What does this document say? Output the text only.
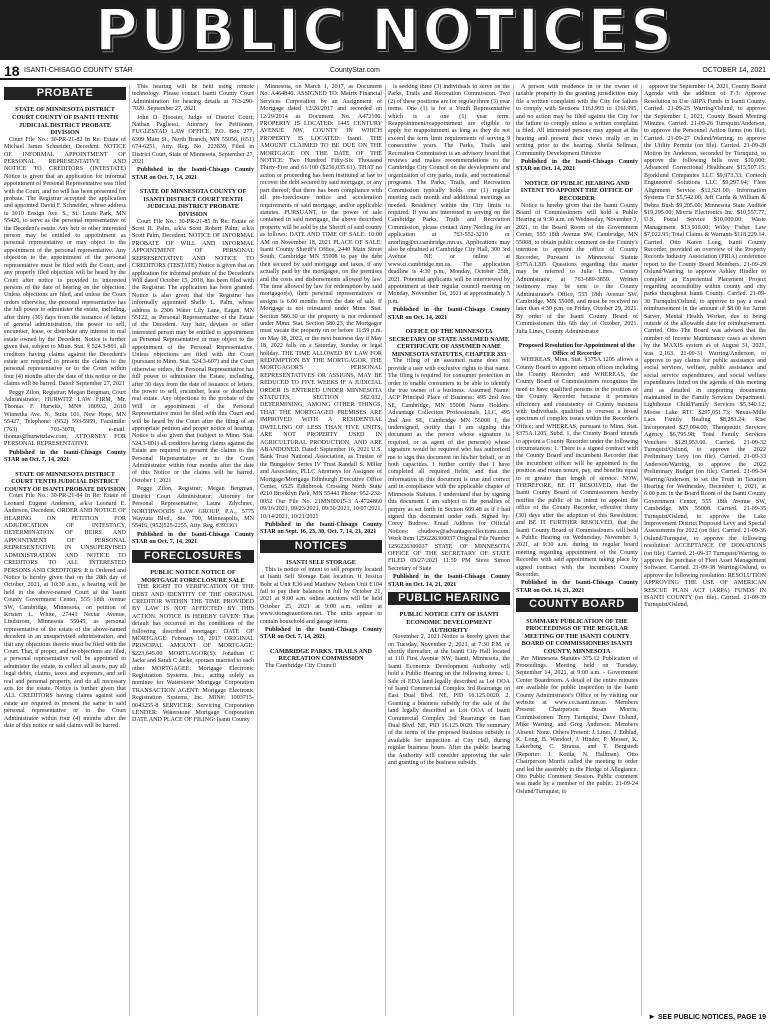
PUBLIC NOTICES
18 ISANTI-CHISAGO COUNTY STAR	CountyStar.com	OCTOBER 14, 2021
PROBATE
STATE OF MINNESOTA DISTRICT COURT COUNTY OF ISANTI TENTH JUDICIAL DISTRICT PROBATE DIVISION

Court File No.: 30-PR-21-82 In Re: Estate of Michael James Schneider, Decedent. NOTICE OF INFORMAL APPOINTMENT OF PERSONAL REPRESENTATIVE AND NOTICE TO CREDITORS (INTESTATE) Notice is given that an application for informal appointment of Personal Representative was filed with the Court, and no will has been presented for probate. The Registrar accepted the application and appointed David F. Schneider, whose address is 3010 Ensign Ave. S., St. Louis Park, MN 55426, to serve as the personal representative of the Decedent's estate. Any heir or other interested person may be entitled to appointment as personal representative or may object to the appointment of the personal representative. Any objection to the appointment of the personal representative must be filed with the Court, and any properly filed objection will be heard by the Court after notice is provided to interested persons of the date of hearing on the objection. Unless objections are filed, and unless the Court orders otherwise, the personal representative has the full power to administer the estate, including, after thirty (30) days from the issuance of letters of general administration, the power to sell, encumber, lease, or distribute any interest in real estate owned by the Decedent. Notice is further given that, subject to Minn. Stat. § 524.3-801, all creditors having claims against the Decedent's estate are required to present the claims to the personal representative or to the Court within four (4) months after the date of this notice or the claims will be barred. Dated: September 27, 2021

Peggy Zilon, Registrar; Megan Bergman, Court Administrator; HURWITZ LAW FIRM, Mr. Thomas F. Hurwitz, MN# 180932, 2610 Winnetka Ave. N., Suite 101, New Hope, MN 55427, Telephone: (952) 593-5959, Facsimile: (763) 703-3078, e-mail: thomas@hurwitzlaw.com, ATTORNEY FOR PERSONAL REPRESENTATIVE

Published in the Isanti-Chisago County STAR on Oct. 7, 14, 2021

STATE OF MINNESOTA DISTRICT COURT TENTH JUDICIAL DISTRICT COUNTY OF ISANTI PROBATE DIVISION

Court File No.: 30-PR-21-84 In Re: Estate of Leonard Eugene Anderson, a/k/a Leonard E. Anderson, Decedent. ORDER AND NOTICE OF HEARING ON PETITION FOR ADJUDICATION OF INTESTACY, DETERMINATION OF HEIRS AND APPOINTMENT OF PERSONAL REPRESENTATIVE IN UNSUPERVISED ADMINISTRATION AND NOTICE TO CREDITORS TO ALL INTERESTED PERSONS AND CREDITORS: It is Ordered and Notice is hereby given that on the 28th day of October, 2021, at 10:30 a.m., a hearing will be held in the above-named Court at the Isanti County Government Center, 555 18th Avenue SW, Cambridge, Minnesota, on petition of Kristen L. White, 27441 Nectar Avenue, Lindstrom, Minnesota 55045, as personal representative of the estate of the above-named decedent in an unsupervised administration, and that any objections thereto must be filed with the Court. That, if proper, and no objections are filed, a personal representative will be appointed to administer the estate, to collect all assets, pay all legal debts, claims, taxes and expenses, and sell real and personal property, and do all necessary acts for the estate. Notice is further given that ALL CREDITORS having claims against said estate are required to present the same to said personal representative or to the Court Administrator within four (4) months after the date of this notice or said claims will be barred.

This hearing will be held using remote technology. Please contact Isanti County Court Administration for hearing details at 763-290-7020. September 27, 2021

John D. Hoosier, Judge of District Court; Nathan Pagliessi, Attorney for Petitioner, FUGLESTAD LAW OFFICE, P.O. Box 277, 6309 Main St., North Branch, MN 55056, (651) 674-6251, Atty. Reg. No. 223839, Filed in District Court, State of Minnesota, September 27, 2021

Published in the Isanti-Chisago County STAR on Oct. 7, 14, 2021

STATE OF MINNESOTA COUNTY OF ISANTI DISTRICT COURT TENTH JUDICIAL DISTRICT PROBATE DIVISION

Court File No.: 30-PR-21-85 In Re: Estate of Scott R. Palm, a/k/a Scott Robert Palm, a/k/a Scott Palm, Decedent. NOTICE OF INFORMAL PROBATE OF WILL AND INFORMAL APPOINTMENT OF PERSONAL REPRESENTATIVE AND NOTICE TO CREDITORS (TESTATE) Notice is given that an application for informal probate of the Decedent's Will dated October 15, 2018, has been filed with the Registrar. The application has been granted. Notice is also given that the Registrar has informally appointed Shelle L. Palm, whose address is 2306 Water Lily Lane, Eagan, MN 55122, as Personal Representative of the Estate of the Decedent. Any heir, devisee or other interested person may be entitled to appointment as Personal Representative or may object to the appointment of the Personal Representative. Unless objections are filed with the Court (pursuant to Minn. Stat. 524.3-607) and the Court otherwise orders, the Personal Representative has full power to administer the Estate, including, after 30 days from the date of issuance of letters, the power to sell, encumber, lease or distribute real estate. Any objections to the probate of the Will or appointment of the Personal Representative must be filed with this Court and will be heard by the Court after the filing of an appropriate petition and proper notice of hearing. Notice is also given that (subject to Minn. Stat. 524.3-801) all creditors having claims against the Estate are required to present the claims to the Personal Representative or to the Court Administrator within four months after the date of this Notice or the claims will be barred. October 1, 2021

Peggy Zilon, Registrar; Megan Bergman, District Court Administrator; Attorney for Personal Representative, Laura Zdychnec, NORTHWOODS LAW GROUP, P.A., 5775 Wayzata Blvd., Ste. 700, Minneapolis, MN 55416, (952)525-2255, Atty. Reg. #393363

Published in the Isanti-Chisago County STAR on Oct. 7, 14, 2021

FORECLOSURES
PUBLIC NOTICE NOTICE OF MORTGAGE FORECLOSURE SALE

THE RIGHT TO VERIFICATION OF THE DEBT AND IDENTITY OF THE ORIGINAL CREDITOR WITHIN THE TIME PROVIDED BY LAW IS NOT AFFECTED BY THIS ACTION. NOTICE IS HEREBY GIVEN: That default has occurred in the conditions of the following described mortgage: DATE OF MORTGAGE: February 10, 2017 ORIGINAL PRINCIPAL AMOUNT OF MORTGAGE: $223,645.00 MORTGAGOR(S): Jonathan C Jacke and Sarah C Jacke, spouses married to each other MORTGAGEE: Mortgage Electronic Registration Systems, Inc., acting solely as nominee for Waterstone Mortgage Corporation TRANSACTION AGENT: Mortgage Electronic Registration Systems, Inc. MIN#: 1003715-0043255-8 SERVICER: Servicing Corporation LENDER: Waterstone Mortgage Corporation DATE AND PLACE OF FILING: Isanti County

Minnesota, on March 1, 2017, as Document No. A464840. ASSIGNED TO: Matrix Financial Services Corporation by an Assignment of Mortgage dated 12/20/2017 and recorded on 12/29/2014 as Document No. A472106. PROPERTY IS LOCATED: 1445 CENTURY AVENUE NW, COUNTY IN WHICH PROPERTY IS LOCATED: Isanti. THE AMOUNT CLAIMED TO BE DUE ON THE MORTGAGE ON THE DATE OF THE NOTICE: Two Hundred Fifty-Six Thousand Thirty-Five and 61/100 ($256,035.61). THAT no action or proceeding has been instituted at law to recover the debt secured by said mortgage, or any part thereof; that there has been compliance with all pre-foreclosure notice and acceleration requirements of said mortgage, and/or applicable statutes. PURSUANT, to the power of sale contained in said mortgage, the above described property will be sold by the Sheriff of said county as follows: DATE AND TIME OF SALE: 10:00 AM on November 18, 2021 PLACE OF SALE: Isanti County Sheriff's Office, 2440 Main Street South, Cambridge MN 55008 to pay the debt then secured by said mortgage and taxes, if any actually paid by the mortgagee, on the premises and the costs and disbursements allowed by law. The time allowed by law for redemption by said mortgagor(s), their personal representatives or assigns is 6.00 months from the date of sale. If Mortgage is not reinstated under Minn. Stat. Section 580.30 or the property is not redeemed under Minn. Stat. Section 580.23, the Mortgagor must vacate the property on or before 11:59 p.m. on May 18, 2022, or the next business day if May 18, 2022 falls on a Saturday, Sunday or legal holiday. THE TIME ALLOWED BY LAW FOR REDEMPTION BY THE MORTGAGOR, THE MORTGAGOR'S PERSONAL REPRESENTATIVES OR ASSIGNS, MAY BE REDUCED TO FIVE WEEKS IF A JUDICIAL ORDER IS ENTERED UNDER MINNESOTA STATUTES, SECTION 582.032, DETERMINING, AMONG OTHER THINGS, THAT THE MORTGAGED PREMISES ARE IMPROVED WITH A RESIDENTIAL DWELLING OF LESS THAN FIVE UNITS, ARE NOT PROPERTY USED IN AGRICULTURAL PRODUCTION, AND ARE ABANDONED. Dated: September 16, 2021 U.S. Bank Trust National Association, as Trustee of the Bungalow Series IV Trust Randall S. Miller and Associates, PLLC Attorneys for Assignee of Mortgage/Mortgage Edinburgh Executive Office Center, 6525 Edinbrook Crossing North Suite #210 Brooklyn Park, MN 55443 Phone: 952-232-0052 Our File No. 21MN00015-3 A-4724860 09/16/2021, 09/23/2021, 09/30/2021, 10/07/2021, 10/14/2021, 10/21/2021

Published in the Isanti-Chisago County STAR on Sept. 16, 23, 30, Oct. 7, 14, 21, 2021

NOTICES
ISANTI SELF STORAGE

This is notice of intent to sell property located at Isanti Self Storage East location. If Jessica Bohr at Unit E36 and Matthew Nelson Unit E104 fail to pay their balances in full by October 21, 2021 at 9:00 a.m. online auctions will be held October 25, 2021 at 9:00 a.m. online at www.storageauctions.net. The units appear to contain household and garage items.

Published in the Isanti-Chisago County STAR on Oct. 7, 14, 2021

CAMBRIDGE PARKS, TRAILS AND RECREATION COMMISSION

The Cambridge City Council

is seeking three (3) individuals to serve on the Parks, Trails and Recreation Commission. Two (2) of these positions are for regular three (3) year terms. One (1) is for a Youth Representative which is a one (1) year term. Reappointment/reappointment are eligible to apply for reappointment as long as they do not exceed the term limit requirements of serving 9 consecutive years. The Parks, Trails and Recreation Commission is an advisory board that reviews and makes recommendations to the Cambridge City Council on the development and organization of city parks, trails, and recreational programs. The Parks, Trails, and Recreation Commission typically holds one (1) regular meeting each month and additional meetings as needed. Residency within the City limits is required. If you are interested in serving on the Cambridge Parks, Trails and Recreation Commission, please contact Amy Norling for an application at 763-552-3210 or anorling@ci.cambridge.mn.us. Applications may also be obtained at Cambridge City Hall, 300 3rd Avenue NE or online at www.ci.cambridge.mn.us. The application deadline is 4:30 p.m., Monday, October 25th, 2021. Potential applicants will be interviewed by appointment at their regular council meeting on Monday, November 1st, 2021 at approximately 5 p.m.

Published in the Isanti-Chisago County STAR on Oct. 14, 2021

OFFICE OF THE MINNESOTA SECRETARY OF STATE ASSUMED NAME CERTIFICATE OF ASSUMED NAME MINNESOTA STATUTES, CHAPTER 333

The filing of an assumed name does not provide a user with exclusive rights to that name. The filing is required for consumer protection in order to enable consumers to be able to identify the true owner of a business. Assumed Name: ACP Principal Place of Business: 495 2nd Ave SE, Cambridge, MN 55008 Name Holders: Advantage Collection Professionals, LLC, 495 2nd Ave SE, Cambridge MN 55008 I, the undersigned, certify that I am signing this document as the person whose signature is required, or as agent of the person(s) whose signature would be required who has authorized me to sign this document on his/her behalf, or in both capacities. I further certify that I have completed all required fields, and that the information in this document is true and correct and in compliance with the applicable chapter of Minnesota Statutes. I understand that by signing this document I am subject to the penalties of perjury as set forth in Section 609.48 as if I had signed this document under oath. Signed by: Corey Budrow. Email Address for Official Notices: cbudrow@advantagecollections.com. Work Item 1256226300037 Original File Number 1256226300037 STATE OF MINNESOTA OFFICE OF THE SECRETARY OF STATE FILED 09/27/2021 11:59 PM Steve Simon Secretary of State

Published in the Isanti-Chisago County STAR on Oct. 14, 21, 2021

PUBLIC HEARING
PUBLIC NOTICE CITY OF ISANTI ECONOMIC DEVELOPMENT AUTHORITY

November 2, 2021 Notice is hereby given that on Tuesday, November 2, 2021, at 7:30 P.M. or shortly thereafter, at the Isanti City Hall located at 110 First Avenue NW, Isanti, Minnesota, the Isanti Economic Development Authority will hold a Public Hearing on the following items: 1. Sale of EDA land legally described as Lot OOA of Isanti Commercial Complex 3rd Rearrange on East Dual Blvd. NE, PID 16.125.0020. 2. Granting a business subsidy for the sale of the land legally described as Lot OOA of Isanti Commercial Complex 3rd Rearrange on East Dual Blvd. NE, PID 16.125.0020. The summary of the terms of the proposed business subsidy is available for inspection at City Hall, during regular business hours. After the public hearing the Authority will consider approving the sale and granting of the business subsidy.

A person with residence in or the owner of taxable property in the granting jurisdiction may file a written complaint with the City for failure to comply with Sections 116J.993 to 116J.995, and no action may be filed against the City for the failure to comply unless a written complaint is filed. All interested persons may appear at the hearing and present their views orally or in writing prior to the hearing. Sheila Sellman, Community Development Director

Published in the Isanti-Chisago County STAR on Oct. 14, 2021

NOTICE OF PUBLIC HEARING AND INTENT TO APPOINT THE OFFICE OF RECORDER

Notice is hereby given that the Isanti County Board of Commissioners will hold a Public Hearing at 9:30 a.m. on Wednesday, November 3, 2021, in the Board Room of the Government Center, 555 18th Avenue SW, Cambridge, MN 55008, to obtain public comment on the County's intention to appoint the office of County Recorder, Pursuant to Minnesota Statute §375A.1205. Questions regarding this matter may be referred to Julie Lines, County Administrator, at 763-689-3859. Written testimony may be sent to the County Administrator's Office, 555 18th Avenue SW, Cambridge, MN 55008, and must be received no later than 4:30 p.m. on Friday, October 29, 2021. By order of the Isanti County Board of Commissioners this 6th day of October, 2021. Julia Lines, County Administrator

Proposed Resolution for Appointment of the Office of Recorder

WHEREAS, Minn. Stat. §375A.1205 allows a County Board to appoint certain offices including the County Recorder; and WHEREAS, the County Board of Commissioners recognizes the need to have qualified persons in the position of the County Recorder because it promotes efficiency and consistency of County business with individuals qualified to oversee a broad spectrum of complex issues within the Recorder's Office; and WHEREAS, pursuant to Minn. Stat. §375A.1205, Subd. 1, the County Board intends to appoint a County Recorder under the following circumstances: 1. There is a signed contract with the County Board and incumbent Recorder that the incumbent officer will be appointed to the position and retain tenure, pay, and benefits equal to or greater than length of service. NOW, THEREFORE, BE IT RESOLVED, that the Isanti County Board of Commissioners hereby notifies the public of its intent to appoint the office of the County Recorder, effective thirty (30) days after the adoption of this Resolution; and BE IT FURTHER RESOLVED, that the Isanti County Board of Commissioners will hold a Public Hearing on Wednesday, November 3, 2021, at 9:30 a.m. during its regular board meeting regarding appointment of the County Recorder with said appointment taking place by signed contract with the incumbent County Recorder.

Published in the Isanti-Chisago County STAR on Oct. 14, 21, 2021

COUNTY BOARD
SUMMARY PUBLICATION OF THE PROCEEDINGS OF THE REGULAR MEETING OF THE ISANTI COUNTY BOARD OF COMMISSIONERS ISANTI COUNTY, MINNESOTA

Per Minnesota Statutes 375.12 Publication of Proceedings. Meeting held on Tuesday, September 14, 2021, at 9:00 a.m. - Government Center Boardroom. A detail of the entire minutes are available for public inspection in the Isanti County Administrator's Office or by visiting our website at www.co.isanti.mn.us. Members Present: Chairperson Susan Morris; Commissioners Terry Turnquist, Dave Oslund, Mike Warring, and Greg Anderson. Members Absent: None. Others Present: J. Lines, J. Edblad, K. Long, B. Wendorf, J. Hinder, P. Messer, K. Lakerberg, C. Strauss, and T. Bergstedt (Reporter: J. Kotila, N. Hallman). Otto Chairperson Morris called the meeting to order and led the assembly in the Pledge of Allegiance. Otto Public Comment Session. Public comment was made by a member of the public. 21-09-24 Oslund/Turnquist, to

approve the September 14, 2021, County Board Agenda with the addition of F-3: Approve Resolution to Use ARPA Funds in Isanti County. Carried. 21-09-25 Warring/Oslund, to approve the September 1, 2021, County Board Meeting Minutes. Carried. 21-09-26 Turnquist/Anderson, to approve the Personnel Action Items (on file). Carried. 21-09-27 Oslund/Warring, to approve the Utility Permits (on file). Carried. 21-09-28 Motion by Anderson, seconded by Turnquist, to approve the following bills over $10,000: Advanced Correctional Healthcare $15,507.15; Bjorklund Companies LLC $9,973.33; Contech Engineered Solutions LLC $9,297.94; Fleet Alignment Service $12,521.00; Information Systems Ctr $5,542.00; Jeff Carda & William & Debra Bush $9,205.00; Minnesota State Auditor $19,295.00; Morris Electronics Inc. $10,557.77; U.S. Postal Service $10,000.00; Waste Management $13,910.00; Wiley Fisher Law $7,022.95; Total Claims & Warrants $118,229.14. Carried. Otto Karen Long, Isanti County Recorder, provided an overview of the Property Records Industry Association (PRIA) conference report to the County Board Members. 21-09-29 Oslund/Warring, to approve Ashley Hindler to complete an Experiential Placement Project regarding accessibility within county and city parks throughout Isanti County. Carried. 21-09-30 Turnquist/Oslund, to approve to pay a meal reimbursement in the amount of $8.00 for Jarret Sarver, Mental Health Worker, due to being outside of the allowable date for reimbursement. Carried. Otto The Board was advised that the number of Income Maintenance cases as shown by the MAXIS system as of August 31, 2021, was 2,163. 21-09-31 Warring/Anderson, to approve to pay claims for public assistance and social services, welfare, public assistance and social service expenditures, and social welfare expenditures listed on the agenda of this meeting and as detailed in supporting documents maintained in the Family Services Department: Lighthouse Child/Family Services $5,340.12; Moose Lake RTC $297,051.73; Nexus-Mille Lacs Family Healing $8,283.24; Rise Incorporated $27,094.00; Therapeutic Services Agency $6,795.98; Total Family Services Vouchers $129,953.00. Carried. 21-09-32 Turnquist/Oslund, to approve the 2022 Preliminary Levy (on file). Carried. 21-09-33 Anderson/Warring, to approve the 2022 Preliminary Budget (on file). Carried. 21-09-34 Warring/Anderson, to set the Truth in Taxation Hearing for Wednesday, December 1, 2021, at 6:00 p.m. in the Board Room of the Isanti County Government Center, 555 18th Avenue SW, Cambridge, MN 55008. Carried. 21-09-35 Turnquist/Oslund, to approve the Lake Improvement District Proposed Levy and Special Assessments for 2022 (on file). Carried. 21-09-36 Oslund/Turnquist, to approve the following resolution: ACCEPTANCE OF DONATIONS (on file). Carried. 21-09-37 Turnquist/Warring, to approve the purchase of Fleet Asset Management Software. Carried. 21-09-38 Warring/Oslund, to approve the following resolution: RESOLUTION APPROVING THE USE OF AMERICAN RESCUE PLAN ACT (ARPA) FUNDS IN ISANTI COUNTY (on file). Carried. 21-09-39 Turnquist/Oslund,

► SEE PUBLIC NOTICES, PAGE 19
